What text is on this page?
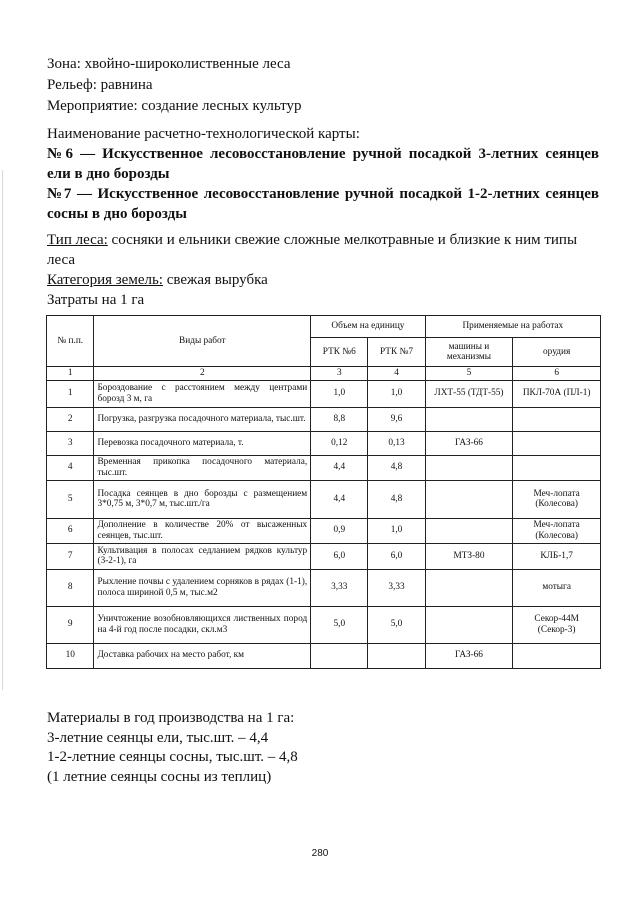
Зона: хвойно-широколиственные леса
Рельеф: равнина
Мероприятие: создание лесных культур
Наименование расчетно-технологической карты:
№6 — Искусственное лесовосстановление ручной посадкой 3-летних сеянцев ели в дно борозды
№7 — Искусственное лесовосстановление ручной посадкой 1-2-летних сеянцев сосны в дно борозды
Тип леса: сосняки и ельники свежие сложные мелкотравные и близкие к ним типы леса
Категория земель: свежая вырубка
Затраты на 1 га
№ п.п.	Виды работ	Объем на единицу		Применяемые на работах	
		РТК №6	РТК №7	машины и механизмы	орудия
1	2	3	4	5	6
1	Бороздование с расстоянием между центрами борозд 3 м, га	1,0	1,0	ЛХТ-55 (ТДТ-55)	ПКЛ-70А (ПЛ-1)
2	Погрузка, разгрузка посадочного материала, тыс.шт.	8,8	9,6		
3	Перевозка посадочного материала, т.	0,12	0,13	ГАЗ-66	
4	Временная прикопка посадочного материала, тыс.шт.	4,4	4,8		
5	Посадка сеянцев в дно борозды с размещением 3*0,75 м, 3*0,7 м, тыс.шт./га	4,4	4,8		Меч-лопата (Колесова)
6	Дополнение в количестве 20% от высаженных сеянцев, тыс.шт.	0,9	1,0		Меч-лопата (Колесова)
7	Культивация в полосах седланием рядков культур (3-2-1), га	6,0	6,0	МТЗ-80	КЛБ-1,7
8	Рыхление почвы с удалением сорняков в рядах (1-1), полоса шириной 0,5 м, тыс.м2	3,33	3,33		мотыга
9	Уничтожение возобновляющихся лиственных пород на 4-й год после посадки, скл.м3	5,0	5,0		Секор-44М (Секор-3)
10	Доставка рабочих на место работ, км			ГАЗ-66	
Материалы в год производства на 1 га:
3-летние сеянцы ели, тыс.шт. – 4,4
1-2-летние сеянцы сосны, тыс.шт. – 4,8
(1 летние сеянцы сосны из теплиц)
280
